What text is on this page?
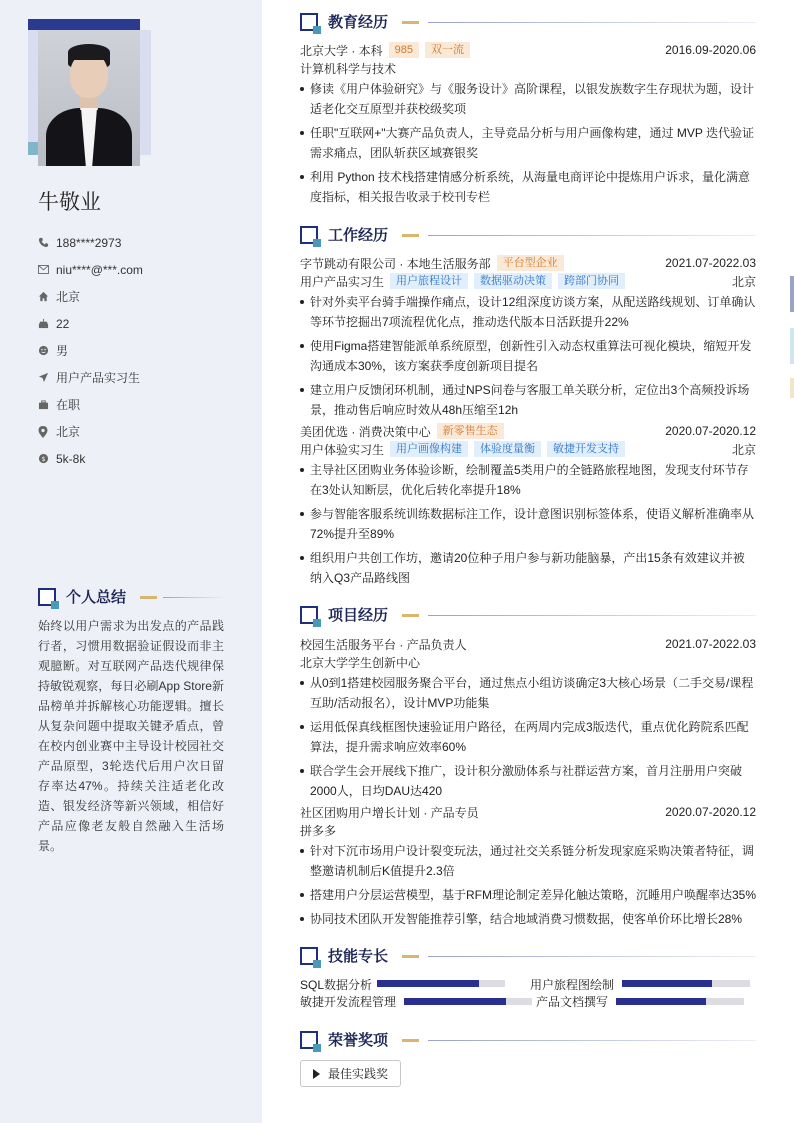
牛敬业
188****2973
niu****@***.com
北京
22
男
用户产品实习生
在职
北京
$ 5k-8k
个人总结
始终以用户需求为出发点的产品践行者，习惯用数据验证假设而非主观臆断。对互联网产品迭代规律保持敏锐观察，每日必刷App Store新品榜单并拆解核心功能逻辑。擅长从复杂问题中提取关键矛盾点，曾在校内创业赛中主导设计校园社交产品原型，3轮迭代后用户次日留存率达47%。持续关注适老化改造、银发经济等新兴领域，相信好产品应像老友般自然融入生活场景。
教育经历
北京大学 · 本科	985	双一流	2016.09-2020.06
计算机科学与技术
修读《用户体验研究》与《服务设计》高阶课程，以银发族数字生存现状为题，设计适老化交互原型并获校级奖项
任职"互联网+"大赛产品负责人，主导竞品分析与用户画像构建，通过 MVP 迭代验证需求痛点，团队斩获区域赛银奖
利用 Python 技术栈搭建情感分析系统，从海量电商评论中提炼用户诉求，量化满意度指标，相关报告收录于校刊专栏
工作经历
字节跳动有限公司 · 本地生活服务部	平台型企业	2021.07-2022.03
用户产品实习生	用户旅程设计	数据驱动决策	跨部门协同	北京
针对外卖平台骑手端操作痛点，设计12组深度访谈方案，从配送路线规划、订单确认等环节挖掘出7项流程优化点，推动迭代版本日活跃提升22%
使用Figma搭建智能派单系统原型，创新性引入动态权重算法可视化模块，缩短开发沟通成本30%，该方案获季度创新项目提名
建立用户反馈闭环机制，通过NPS问卷与客服工单关联分析，定位出3个高频投诉场景，推动售后响应时效从48h压缩至12h
美团优选 · 消费决策中心	新零售生态	2020.07-2020.12
用户体验实习生	用户画像构建	体验度量衡	敏捷开发支持	北京
主导社区团购业务体验诊断，绘制覆盖5类用户的全链路旅程地图，发现支付环节存在3处认知断层，优化后转化率提升18%
参与智能客服系统训练数据标注工作，设计意图识别标签体系，使语义解析准确率从72%提升至89%
组织用户共创工作坊，邀请20位种子用户参与新功能脑暴，产出15条有效建议并被纳入Q3产品路线图
项目经历
校园生活服务平台 · 产品负责人	2021.07-2022.03
北京大学学生创新中心
从0到1搭建校园服务聚合平台，通过焦点小组访谈确定3大核心场景（二手交易/课程互助/活动报名），设计MVP功能集
运用低保真线框图快速验证用户路径，在两周内完成3版迭代，重点优化跨院系匹配算法，提升需求响应效率60%
联合学生会开展线下推广，设计积分激励体系与社群运营方案，首月注册用户突破2000人，日均DAU达420
社区团购用户增长计划 · 产品专员	2020.07-2020.12
拼多多
针对下沉市场用户设计裂变玩法，通过社交关系链分析发现家庭采购决策者特征，调整邀请机制后K值提升2.3倍
搭建用户分层运营模型，基于RFM理论制定差异化触达策略，沉睡用户唤醒率达35%
协同技术团队开发智能推荐引擎，结合地域消费习惯数据，使客单价环比增长28%
技能专长
SQL数据分析	用户旅程图绘制
敏捷开发流程管理	产品文档撰写
荣誉奖项
最佳实践奖
